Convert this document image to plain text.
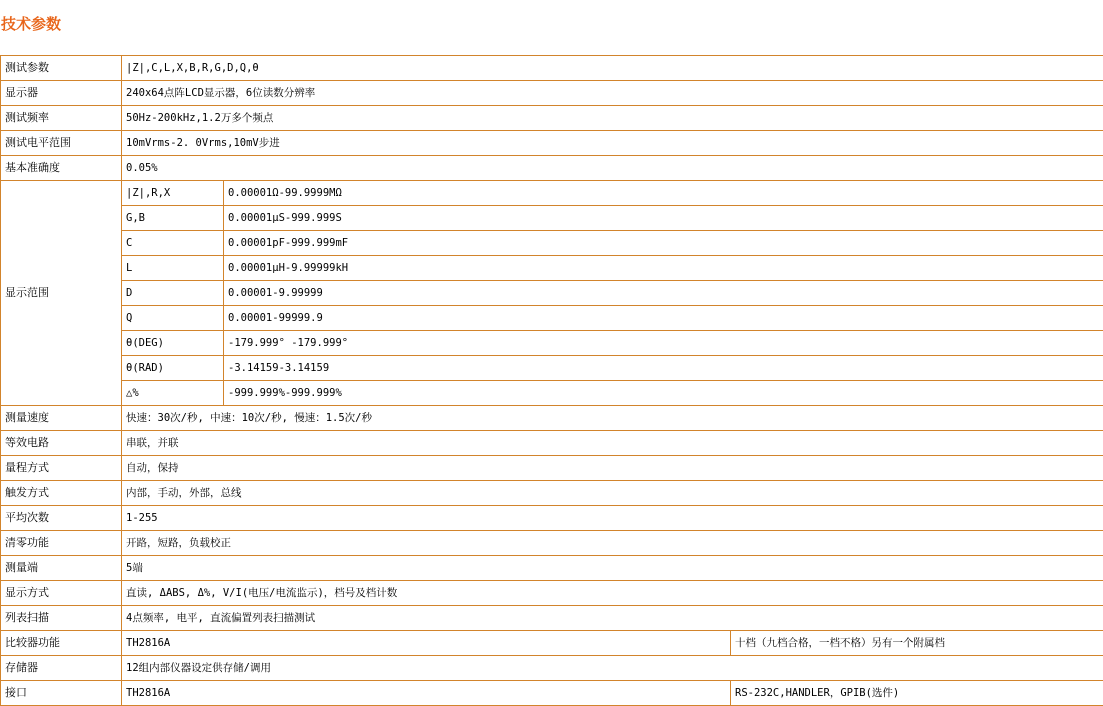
技术参数
测试参数	|Z|,C,L,X,B,R,G,D,Q,θ		
显示器	240x64点阵LCD显示器，6位读数分辨率		
测试频率	50Hz-200kHz,1.2万多个频点		
测试电平范围	10mVrms-2. 0Vrms,10mV步进		
基本准确度	0.05%		
显示范围	|Z|,R,X	0.00001Ω-99.9999MΩ	
	G,B	0.00001μS-999.999S	
	C	0.00001pF-999.999mF	
	L	0.00001μH-9.99999kH	
	D	0.00001-9.99999	
	Q	0.00001-99999.9	
	θ(DEG)	-179.999° -179.999°	
	θ(RAD)	-3.14159-3.14159	
	△%	-999.999%-999.999%	
测量速度	快速：30次/秒, 中速：10次/秒, 慢速：1.5次/秒		
等效电路	串联，并联		
量程方式	自动，保持		
触发方式	内部，手动，外部，总线		
平均次数	1-255		
清零功能	开路，短路，负载校正		
测量端	5端		
显示方式	直读, ΔABS, Δ%, V/I(电压/电流监示)，档号及档计数		
列表扫描	4点频率, 电平, 直流偏置列表扫描测试		
比较器功能	TH2816A		十档（九档合格，一档不格）另有一个附属档
存储器	12组内部仪器设定供存储/调用		
接口	TH2816A		RS-232C,HANDLER，GPIB(选件)
